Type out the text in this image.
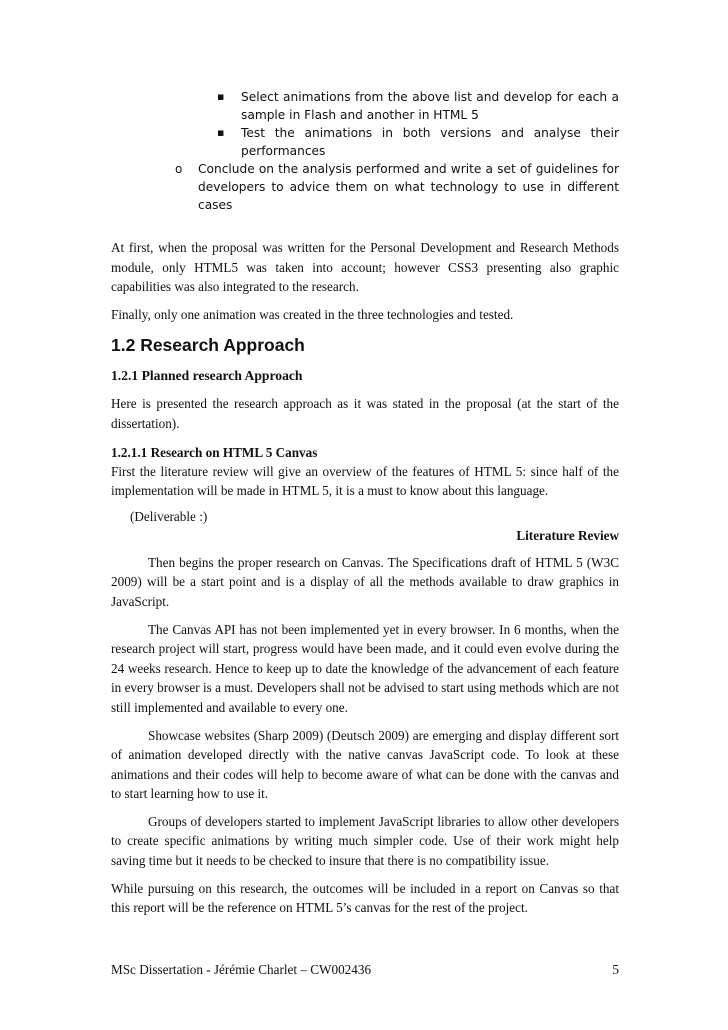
▪ Select animations from the above list and develop for each a sample in Flash and another in HTML 5
▪ Test the animations in both versions and analyse their performances
o Conclude on the analysis performed and write a set of guidelines for developers to advice them on what technology to use in different cases

At first, when the proposal was written for the Personal Development and Research Methods module, only HTML5 was taken into account; however CSS3 presenting also graphic capabilities was also integrated to the research.

Finally, only one animation was created in the three technologies and tested.

1.2 Research Approach
1.2.1 Planned research Approach

Here is presented the research approach as it was stated in the proposal (at the start of the dissertation).

1.2.1.1 Research on HTML 5 Canvas

First the literature review will give an overview of the features of HTML 5: since half of the implementation will be made in HTML 5, it is a must to know about this language.

(Deliverable :)

Literature Review

Then begins the proper research on Canvas. The Specifications draft of HTML 5 (W3C 2009) will be a start point and is a display of all the methods available to draw graphics in JavaScript.

The Canvas API has not been implemented yet in every browser. In 6 months, when the research project will start, progress would have been made, and it could even evolve during the 24 weeks research. Hence to keep up to date the knowledge of the advancement of each feature in every browser is a must. Developers shall not be advised to start using methods which are not still implemented and available to every one.

Showcase websites (Sharp 2009) (Deutsch 2009) are emerging and display different sort of animation developed directly with the native canvas JavaScript code. To look at these animations and their codes will help to become aware of what can be done with the canvas and to start learning how to use it.

Groups of developers started to implement JavaScript libraries to allow other developers to create specific animations by writing much simpler code. Use of their work might help saving time but it needs to be checked to insure that there is no compatibility issue.

While pursuing on this research, the outcomes will be included in a report on Canvas so that this report will be the reference on HTML 5’s canvas for the rest of the project.

MSc Dissertation - Jérémie Charlet – CW002436	5
